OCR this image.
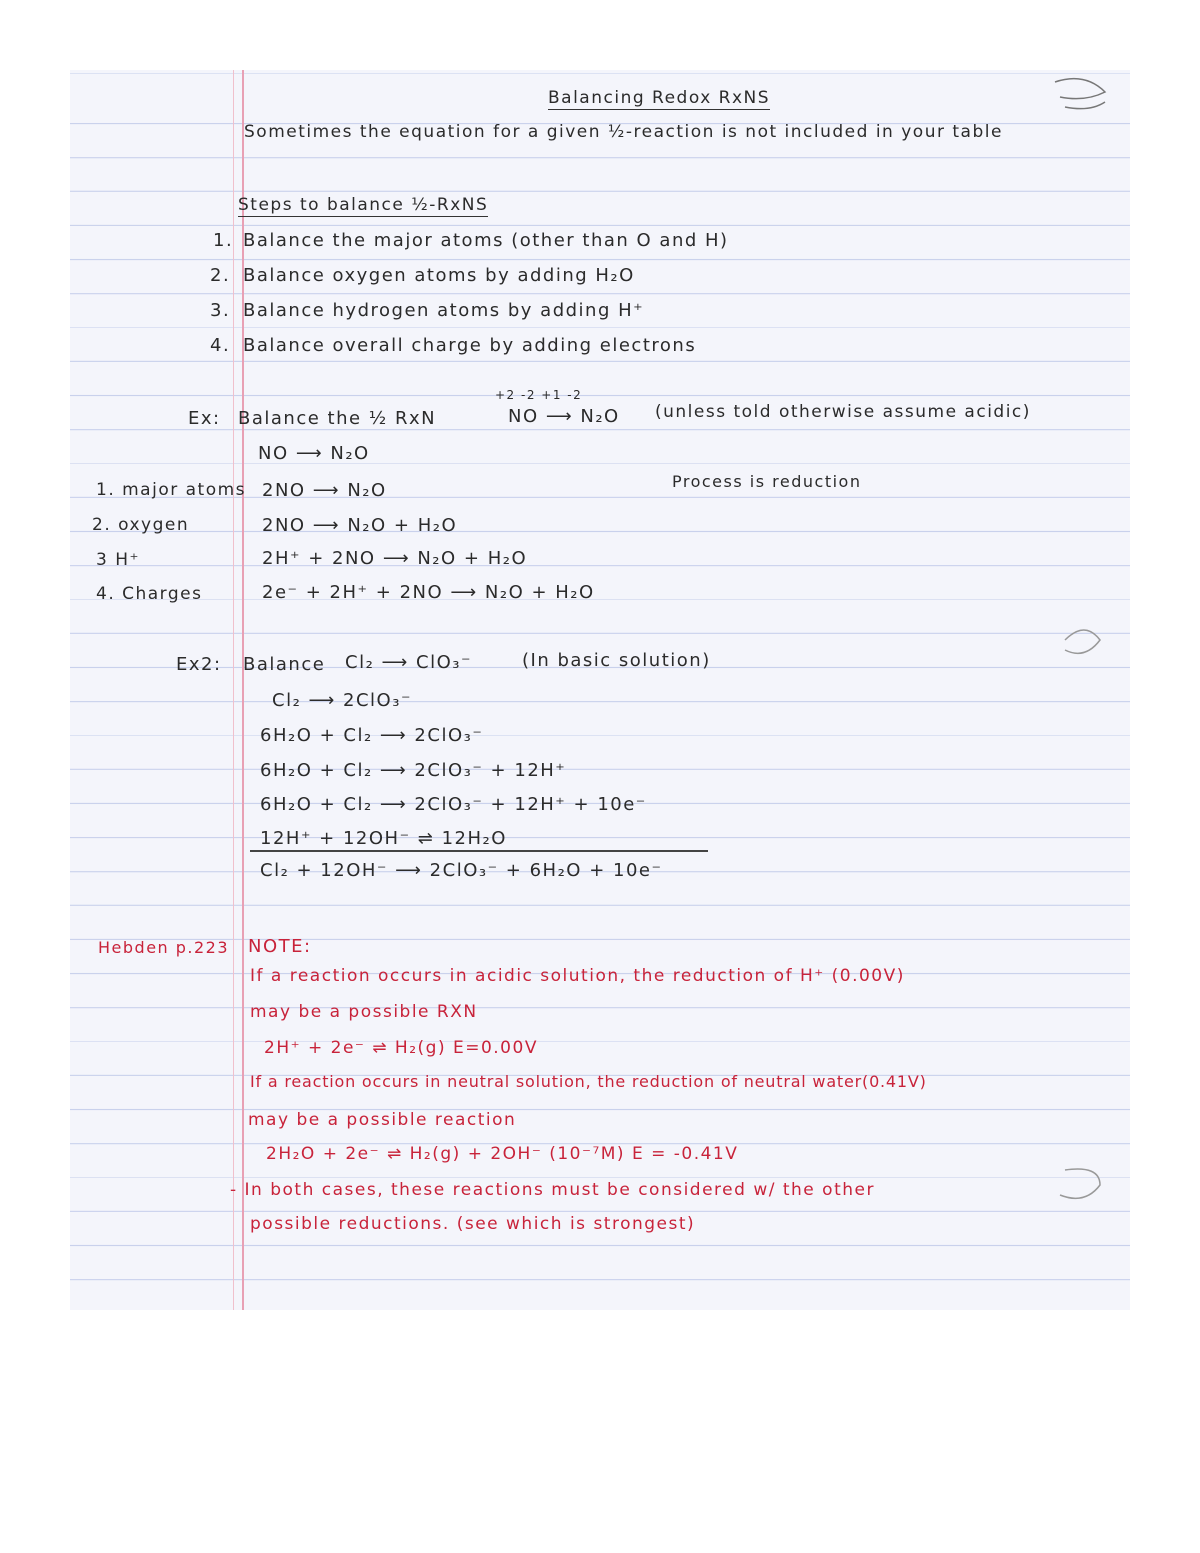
Balancing Redox RxNS
Sometimes the equation for a given ½-reaction is not included in your table
Steps to balance ½-RxNS
1. Balance the major atoms (other than O and H)
2. Balance oxygen atoms by adding H₂O
3. Balance hydrogen atoms by adding H⁺
4. Balance overall charge by adding electrons
+2 -2 +1 -2
Ex: Balance the ½ RxN	NO ⟶ N₂O (unless told otherwise assume acidic)
Process is reduction
NO ⟶ N₂O
1. major atoms 2NO ⟶ N₂O
2. oxygen	2NO ⟶ N₂O + H₂O
3 H⁺	2H⁺ + 2NO ⟶ N₂O + H₂O
4. Charges	2e⁻ + 2H⁺ + 2NO ⟶ N₂O + H₂O
Ex2: Balance Cl₂ ⟶ ClO₃⁻	(In basic solution)
Cl₂ ⟶ 2ClO₃⁻
6H₂O + Cl₂ ⟶ 2ClO₃⁻
6H₂O + Cl₂ ⟶ 2ClO₃⁻ + 12H⁺
6H₂O + Cl₂ ⟶ 2ClO₃⁻ + 12H⁺ + 10e⁻
12H⁺ + 12OH⁻ ⇌ 12H₂O
Cl₂ + 12OH⁻ ⟶ 2ClO₃⁻ + 6H₂O + 10e⁻
Hebden p.223 NOTE:
If a reaction occurs in acidic solution, the reduction of H⁺ (0.00V)
may be a possible RXN
2H⁺ + 2e⁻ ⇌ H₂(g) E=0.00V
If a reaction occurs in neutral solution, the reduction of neutral water(0.41V)
may be a possible reaction
2H₂O + 2e⁻ ⇌ H₂(g) + 2OH⁻ (10⁻⁷M) E = -0.41V
- In both cases, these reactions must be considered w/ the other
possible reductions. (see which is strongest)
